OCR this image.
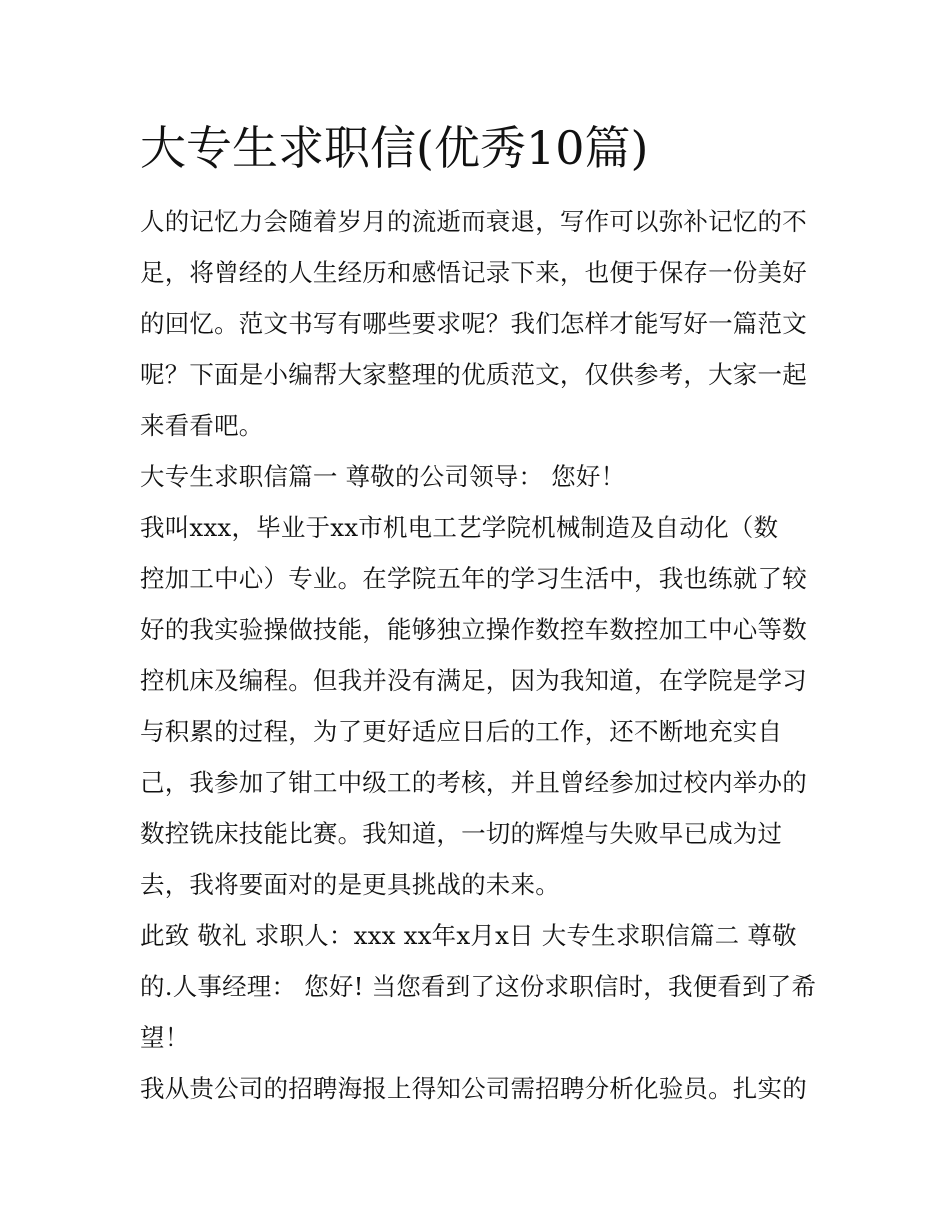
大专生求职信(优秀10篇)
人的记忆力会随着岁月的流逝而衰退，写作可以弥补记忆的不
足，将曾经的人生经历和感悟记录下来，也便于保存一份美好
的回忆。范文书写有哪些要求呢？我们怎样才能写好一篇范文
呢？下面是小编帮大家整理的优质范文，仅供参考，大家一起
来看看吧。
大专生求职信篇一 尊敬的公司领导： 您好！
我叫xxx，毕业于xx市机电工艺学院机械制造及自动化（数
控加工中心）专业。在学院五年的学习生活中，我也练就了较
好的我实验操做技能，能够独立操作数控车数控加工中心等数
控机床及编程。但我并没有满足，因为我知道，在学院是学习
与积累的过程，为了更好适应日后的工作，还不断地充实自
己，我参加了钳工中级工的考核，并且曾经参加过校内举办的
数控铣床技能比赛。我知道，一切的辉煌与失败早已成为过
去，我将要面对的是更具挑战的未来。
此致 敬礼 求职人：xxx xx年x月x日 大专生求职信篇二 尊敬
的.人事经理： 您好! 当您看到了这份求职信时，我便看到了希
望！
我从贵公司的招聘海报上得知公司需招聘分析化验员。扎实的
